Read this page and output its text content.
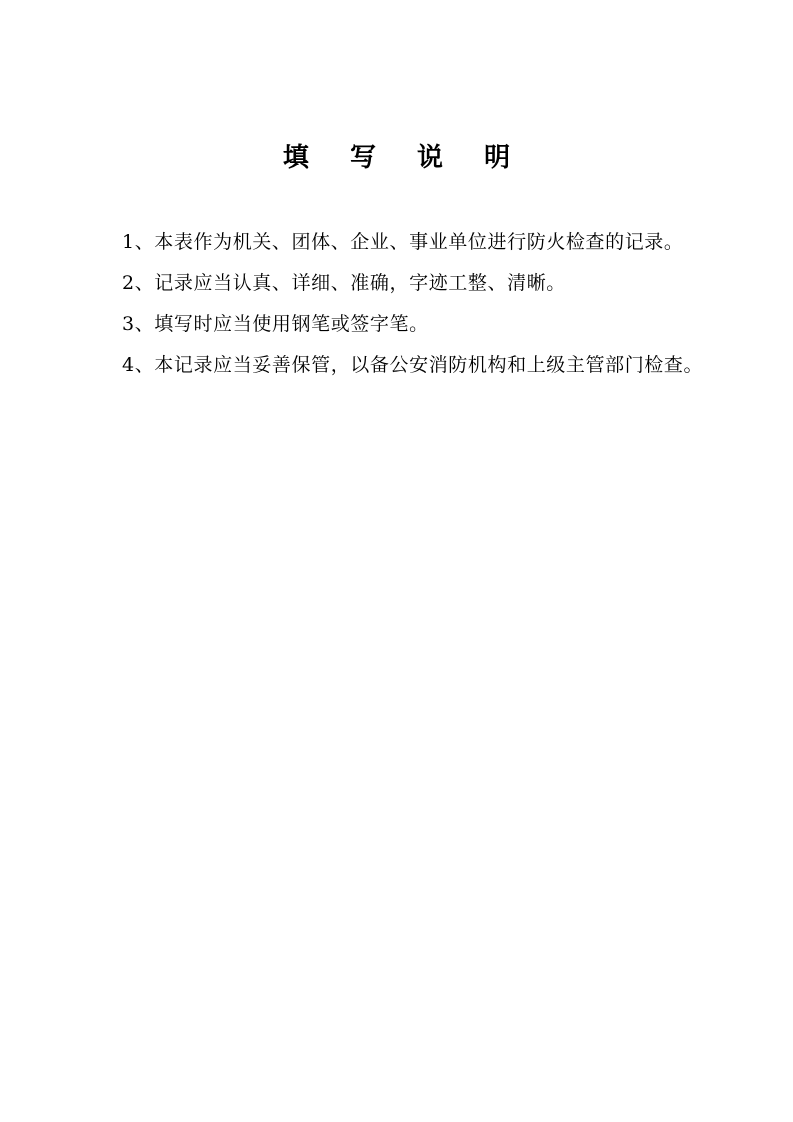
填 写 说 明

1、本表作为机关、团体、企业、事业单位进行防火检查的记录。

2、记录应当认真、详细、准确，字迹工整、清晰。

3、填写时应当使用钢笔或签字笔。

4、本记录应当妥善保管，以备公安消防机构和上级主管部门检查。
